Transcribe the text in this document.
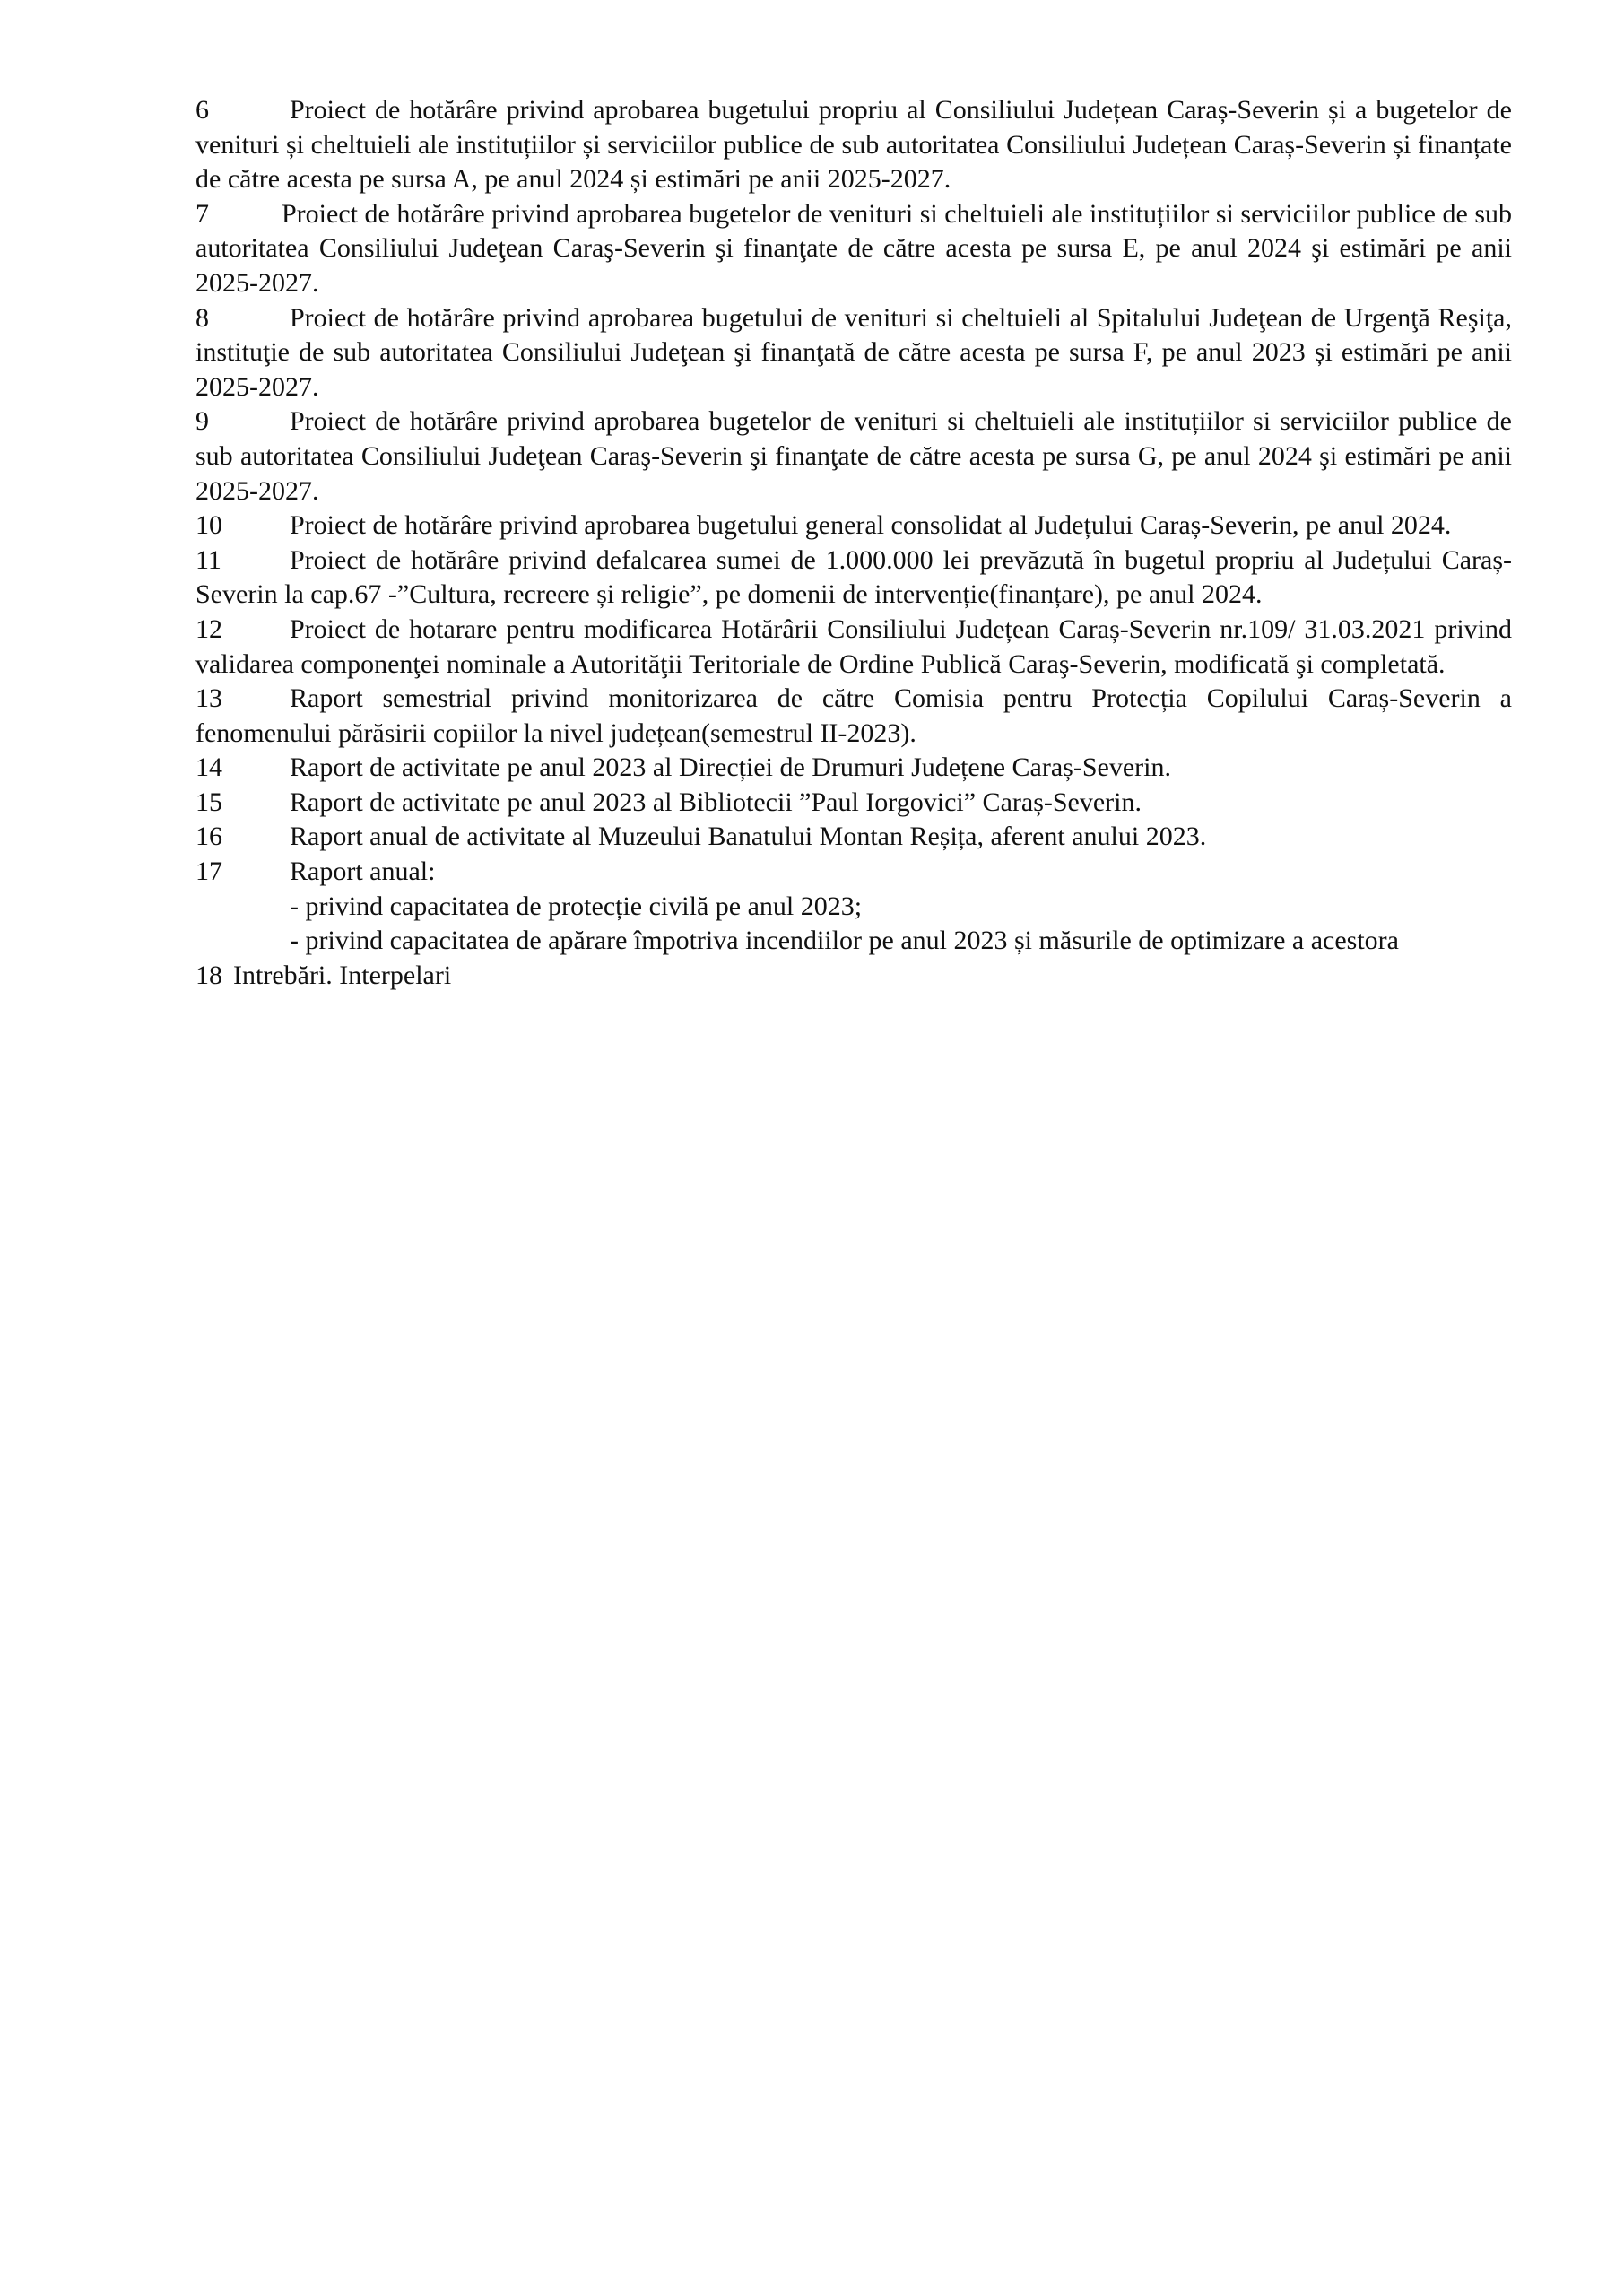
6	Proiect de hotărâre privind aprobarea bugetului propriu al Consiliului Județean Caraș-Severin și a bugetelor de venituri și cheltuieli ale instituțiilor și serviciilor publice de sub autoritatea Consiliului Județean Caraș-Severin și finanțate de către acesta pe sursa A, pe anul 2024 și estimări pe anii 2025-2027.

7	Proiect de hotărâre privind aprobarea bugetelor de venituri si cheltuieli ale instituțiilor si serviciilor publice de sub autoritatea Consiliului Judeţean Caraş-Severin şi finanţate de către acesta pe sursa E, pe anul 2024 şi estimări pe anii 2025-2027.

8	Proiect de hotărâre privind aprobarea bugetului de venituri si cheltuieli al Spitalului Judeţean de Urgenţă Reşiţa, instituţie de sub autoritatea Consiliului Judeţean şi finanţată de către acesta pe sursa F, pe anul 2023 și estimări pe anii 2025-2027.

9	Proiect de hotărâre privind aprobarea bugetelor de venituri si cheltuieli ale instituțiilor si serviciilor publice de sub autoritatea Consiliului Judeţean Caraş-Severin şi finanţate de către acesta pe sursa G, pe anul 2024 şi estimări pe anii 2025-2027.

10	Proiect de hotărâre privind aprobarea bugetului general consolidat al Județului Caraș-Severin, pe anul 2024.

11	Proiect de hotărâre privind defalcarea sumei de 1.000.000 lei prevăzută în bugetul propriu al Județului Caraș-Severin la cap.67 -”Cultura, recreere și religie”, pe domenii de intervenție(finanțare), pe anul 2024.

12	Proiect de hotarare pentru modificarea Hotărârii Consiliului Județean Caraș-Severin nr.109/ 31.03.2021 privind validarea componenţei nominale a Autorităţii Teritoriale de Ordine Publică Caraş-Severin, modificată şi completată.

13	Raport semestrial privind monitorizarea de către Comisia pentru Protecția Copilului Caraș-Severin a fenomenului părăsirii copiilor la nivel județean(semestrul II-2023).

14	Raport de activitate pe anul 2023 al Direcției de Drumuri Județene Caraș-Severin.

15	Raport de activitate pe anul 2023 al Bibliotecii ”Paul Iorgovici” Caraș-Severin.

16	Raport anual de activitate al Muzeului Banatului Montan Reșița, aferent anului 2023.

17	Raport anual:

- privind capacitatea de protecție civilă pe anul 2023;

- privind capacitatea de apărare împotriva incendiilor pe anul 2023 și măsurile de optimizare a acestora

18 Intrebări. Interpelari
